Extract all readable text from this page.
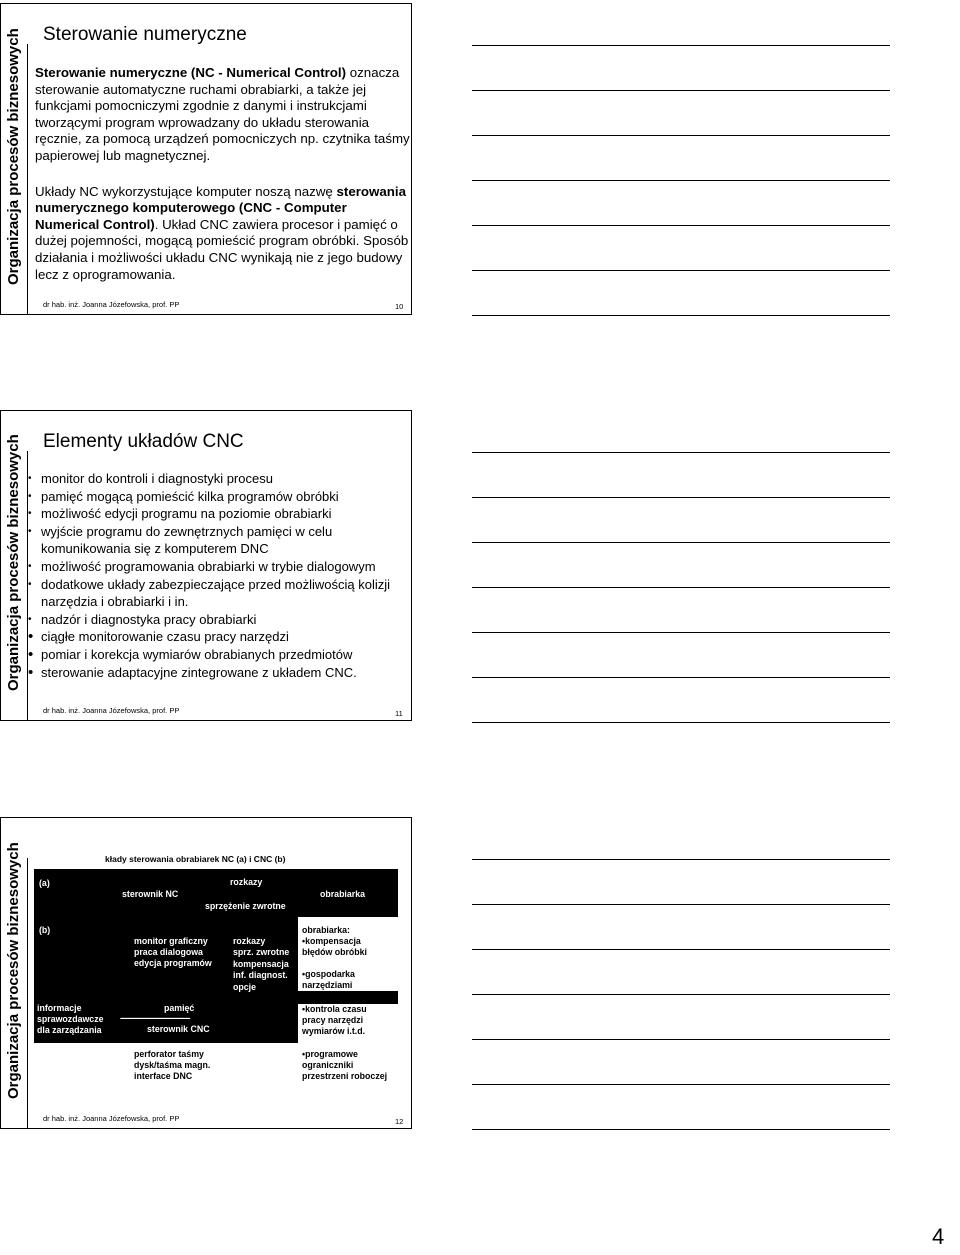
Sterowanie numeryczne
Organizacja procesów biznesowych Sterowanie numeryczne (NC - Numerical Control) oznacza sterowanie automatyczne ruchami obrabiarki, a także jej funkcjami pomocniczymi zgodnie z danymi i instrukcjami tworzącymi program wprowadzany do układu sterowania ręcznie, za pomocą urządzeń pomocniczych np. czytnika taśmy papierowej lub magnetycznej.

Układy NC wykorzystujące komputer noszą nazwę sterowania numerycznego komputerowego (CNC - Computer Numerical Control). Układ CNC zawiera procesor i pamięć o dużej pojemności, mogącą pomieścić program obróbki. Sposób działania i możliwości układu CNC wynikają nie z jego budowy lecz z oprogramowania.

dr hab. inż. Joanna Józefowska, prof. PP	10
Elementy układów CNC
Organizacja procesów biznesowych
dr hab. inż. Joanna Józefowska, prof. PP	11
• monitor do kontroli i diagnostyki procesu
• pamięć mogącą pomieścić kilka programów obróbki
• możliwość edycji programu na poziomie obrabiarki
• wyjście programu do zewnętrznych pamięci w celu komunikowania się z komputerem DNC
• możliwość programowania obrabiarki w trybie dialogowym
• dodatkowe układy zabezpieczające przed możliwością kolizji narzędzia i obrabiarki i in.
• nadzór i diagnostyka pracy obrabiarki
• ciągłe monitorowanie czasu pracy narzędzi
• pomiar i korekcja wymiarów obrabianych przedmiotów
• sterowanie adaptacyjne zintegrowane z układem CNC.
Organizacja procesów biznesowych	kłady sterowania obrabiarek NC (a) i CNC (b)
dr hab. inż. Joanna Józefowska, prof. PP	12
(a)	rozkazy
sterownik NC	obrabiarka
sprzężenie zwrotne
(b)
monitor graficzny
praca dialogowa
edycja programów
rozkazy
sprz. zwrotne
kompensacja
inf. diagnost.
opcje
obrabiarka:
•kompensacja
błędów obróbki
•gospodarka
narzędziami
informacje
sprawozdawcze
dla zarządzania
pamięć
------------------------------------
sterownik CNC
•kontrola czasu
pracy narzędzi
wymiarów i.t.d.
perforator taśmy
dysk/taśma magn.
interface DNC
•programowe
ograniczniki
przestrzeni roboczej
4
